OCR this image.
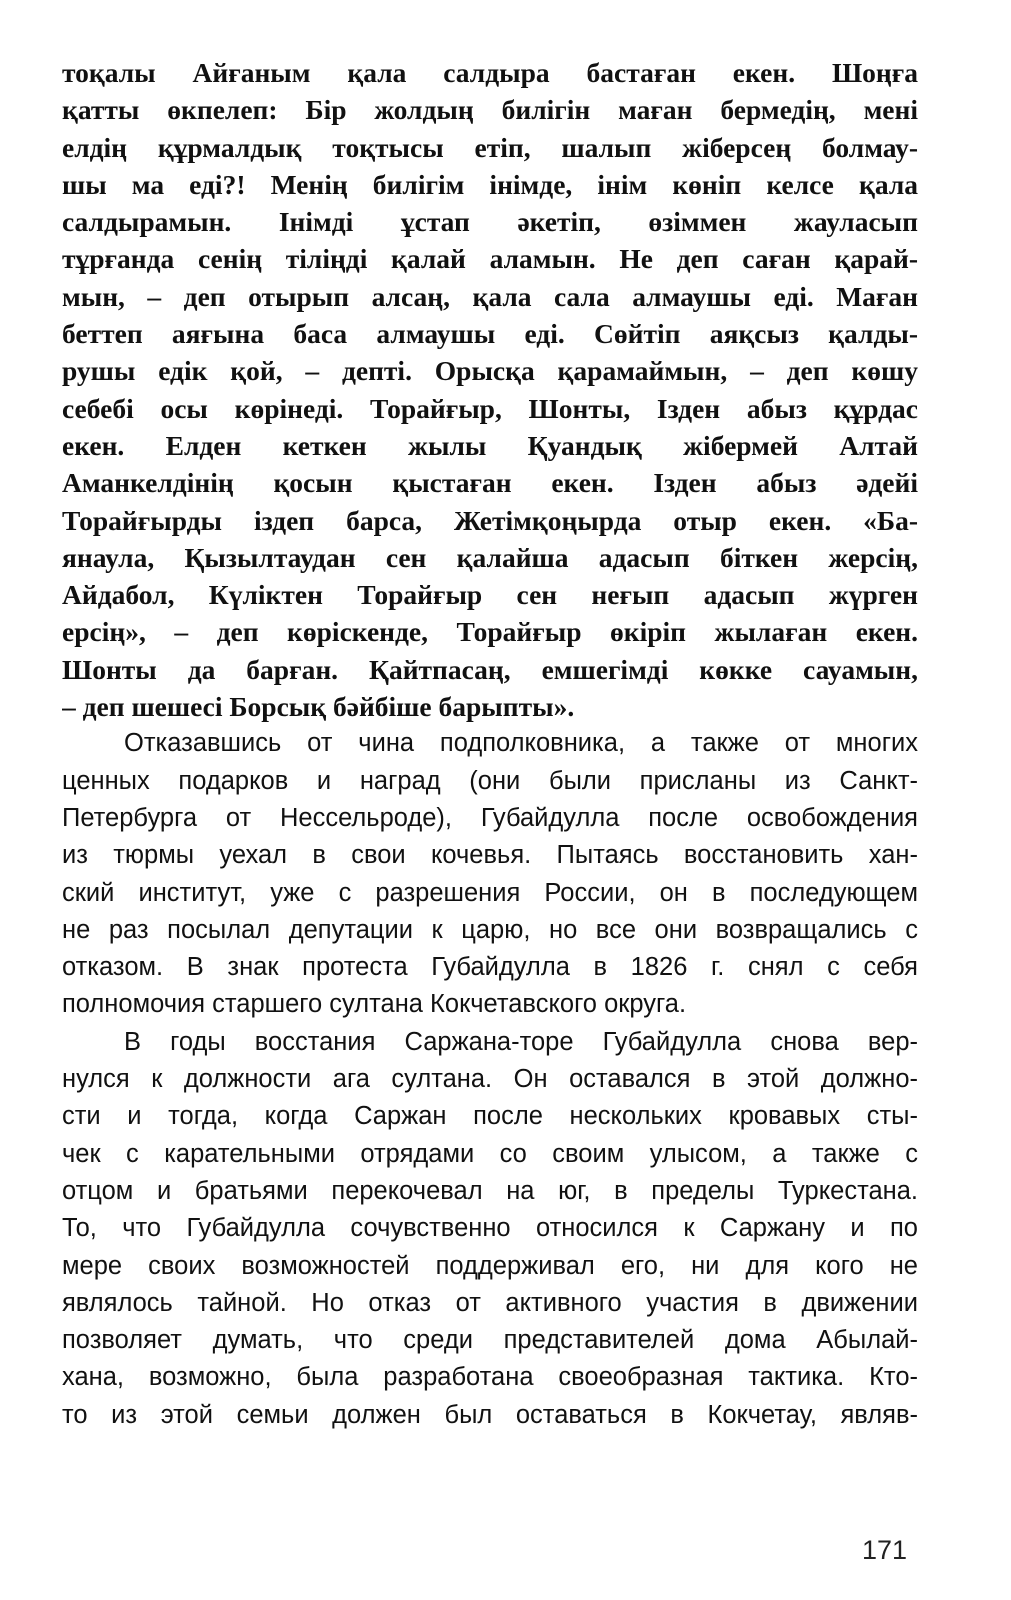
тоқалы Айғаным қала салдыра бастаған екен. Шоңға
қатты өкпелеп: Бір жолдың билігін маған бермедің, мені
елдің құрмалдық тоқтысы етіп, шалып жіберсең болмау-
шы ма еді?! Менің билігім інімде, інім көніп келсе қала
салдырамын. Інімді ұстап әкетіп, өзіммен жауласып
тұрғанда сенің тіліңді қалай аламын. Не деп саған қарай-
мын, – деп отырып алсаң, қала сала алмаушы еді. Маған
беттеп аяғына баса алмаушы еді. Сөйтіп аяқсыз қалды-
рушы едік қой, – депті. Орысқа қарамаймын, – деп көшу
себебі осы көрінеді. Торайғыр, Шонты, Ізден абыз құрдас
екен. Елден кеткен жылы Қуандық жібермей Алтай
Аманкелдінің қосын қыстаған екен. Ізден абыз әдейі
Торайғырды іздеп барса, Жетімқоңырда отыр екен. «Ба-
янаула, Қызылтаудан сен қалайша адасып біткен жерсің,
Айдабол, Күліктен Торайғыр сен неғып адасып жүрген
ерсің», – деп көріскенде, Торайғыр өкіріп жылаған екен.
Шонты да барған. Қайтпасаң, емшегімді көкке сауамын,
– деп шешесі Борсық бәйбіше барыпты».
Отказавшись от чина подполковника, а также от многих
ценных подарков и наград (они были присланы из Санкт-
Петербурга от Нессельроде), Губайдулла после освобождения
из тюрмы уехал в свои кочевья. Пытаясь восстановить хан-
ский институт, уже с разрешения России, он в последующем
не раз посылал депутации к царю, но все они возвращались с
отказом. В знак протеста Губайдулла в 1826 г. снял с себя
полномочия старшего султана Кокчетавского округа.
В годы восстания Саржана-торе Губайдулла снова вер-
нулся к должности ага султана. Он оставался в этой должно-
сти и тогда, когда Саржан после нескольких кровавых сты-
чек с карательными отрядами со своим улысом, а также с
отцом и братьями перекочевал на юг, в пределы Туркестана.
То, что Губайдулла сочувственно относился к Саржану и по
мере своих возможностей поддерживал его, ни для кого не
являлось тайной. Но отказ от активного участия в движении
позволяет думать, что среди представителей дома Абылай-
хана, возможно, была разработана своеобразная тактика. Кто-
то из этой семьи должен был оставаться в Кокчетау, являв-
171
